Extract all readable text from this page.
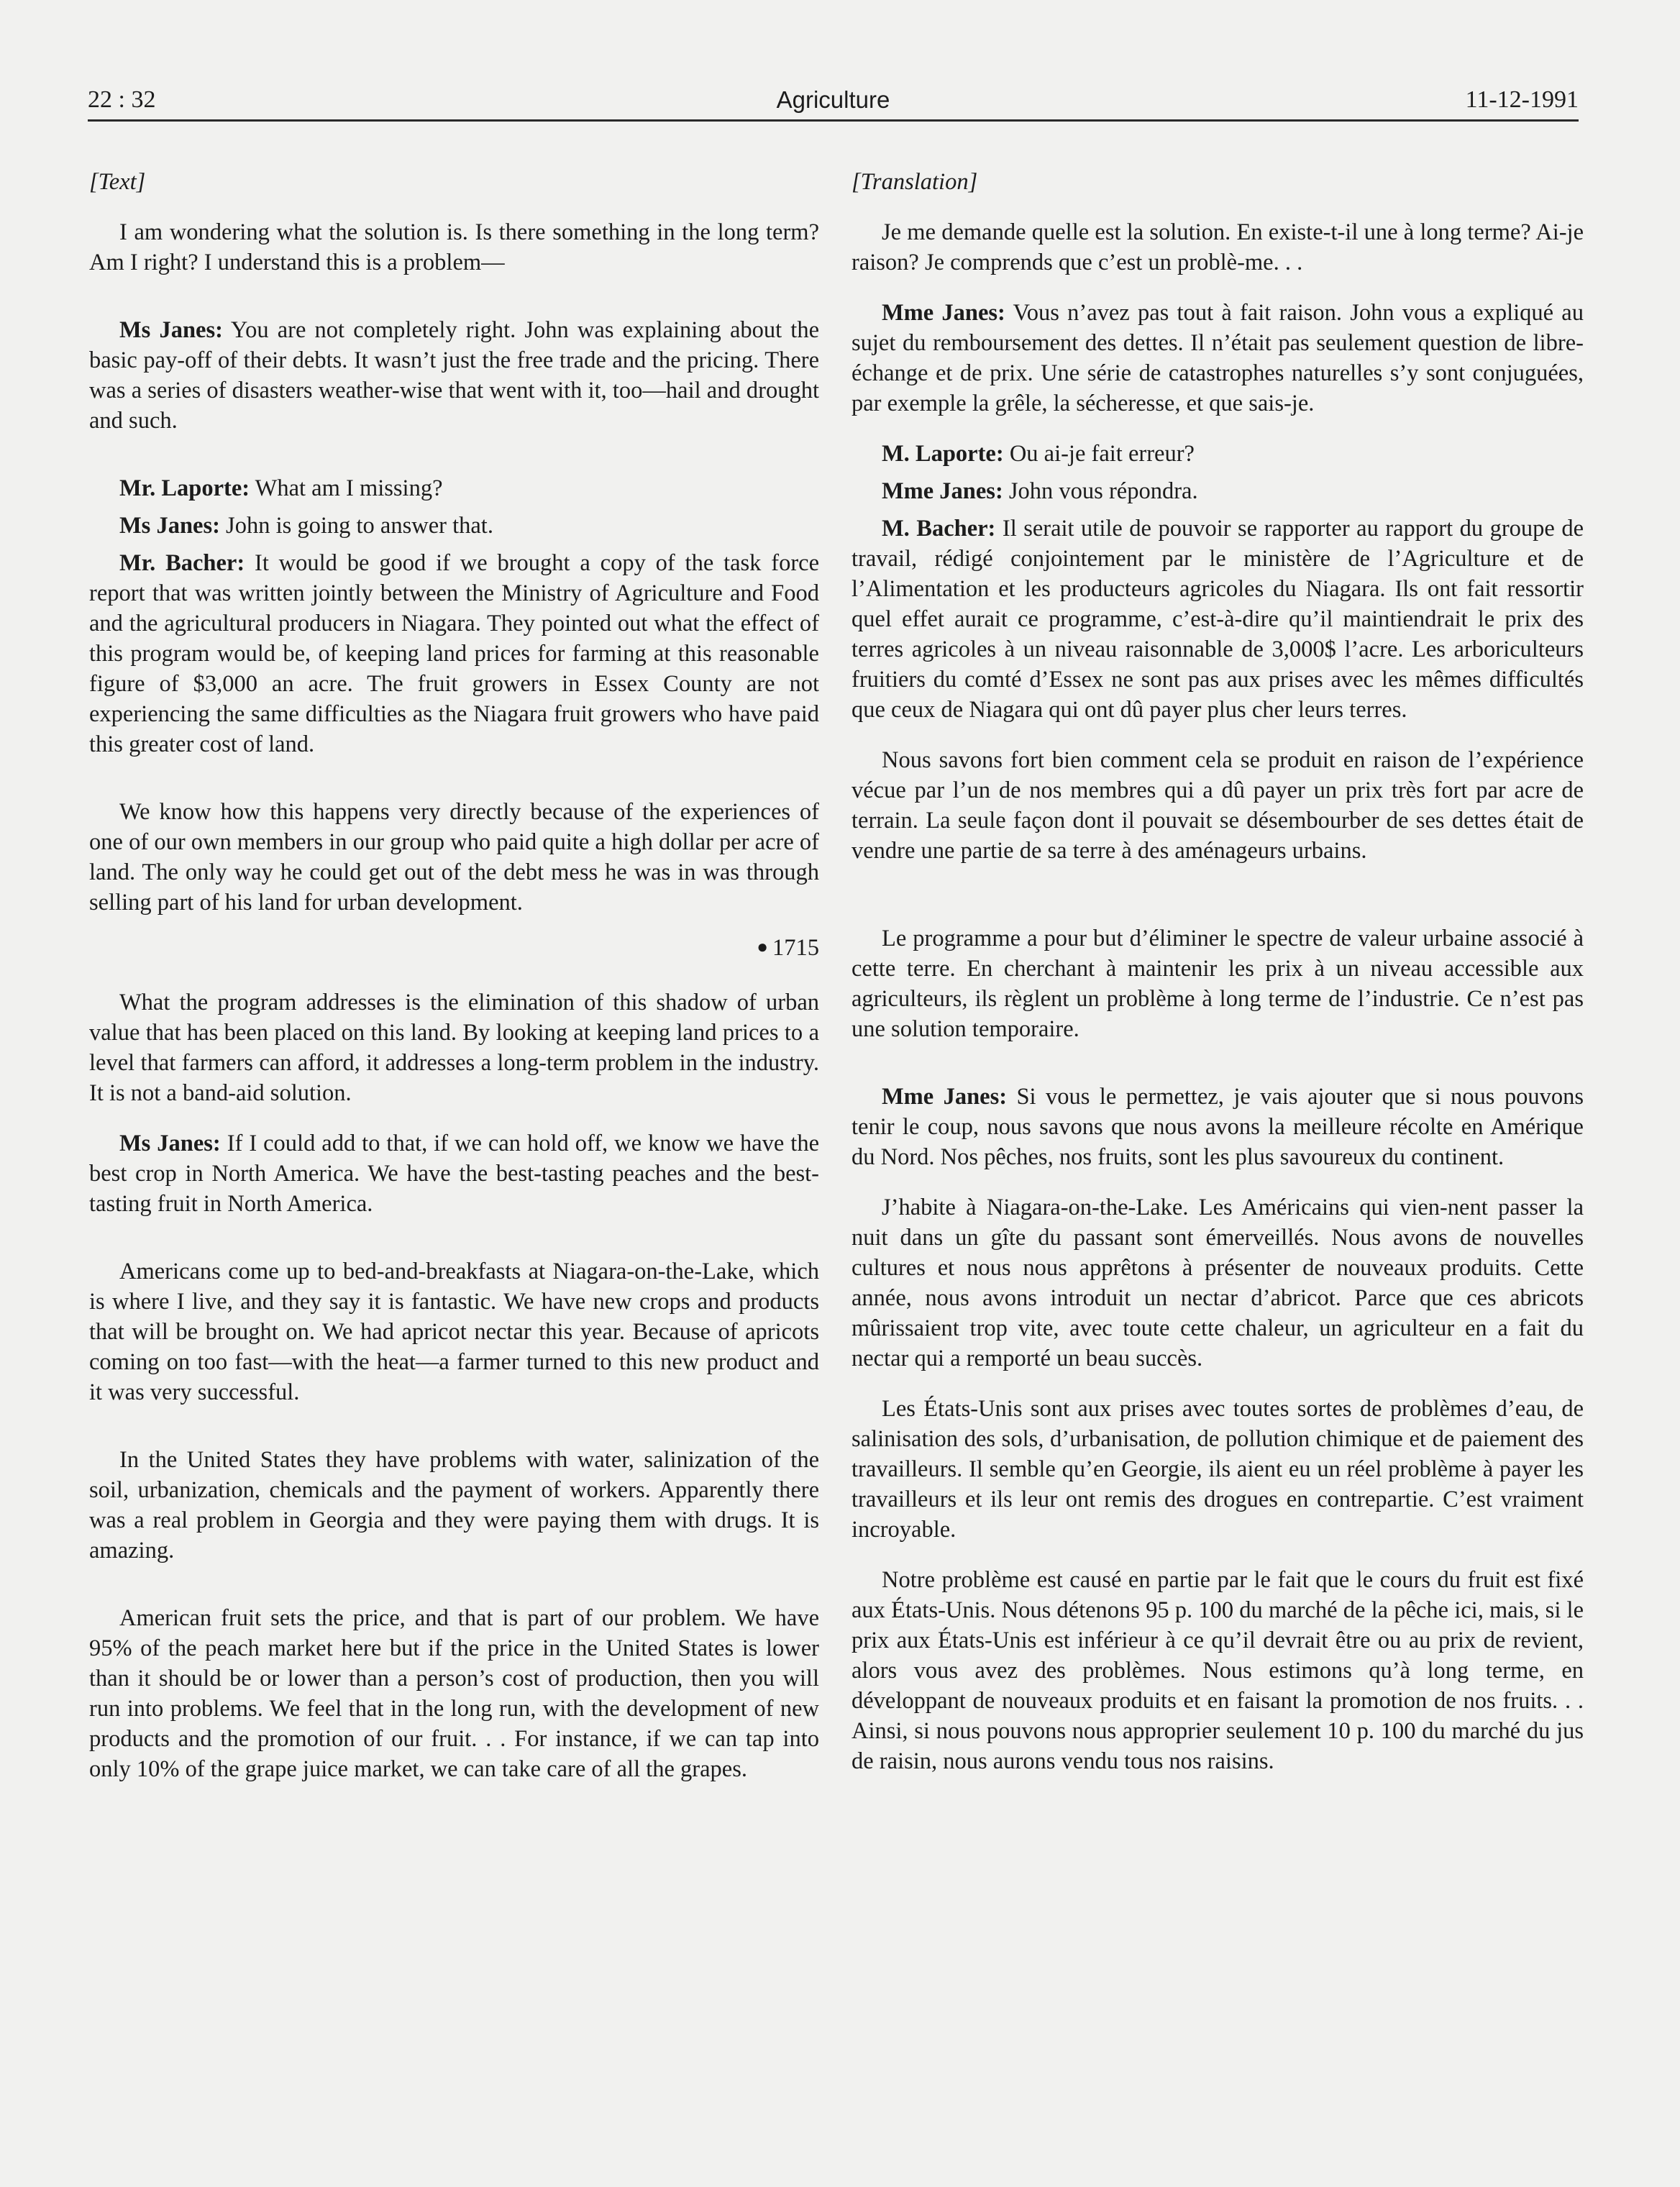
22 : 32	Agriculture	11-12-1991
[Text]

I am wondering what the solution is. Is there something in the long term? Am I right? I understand this is a problem—

Ms Janes: You are not completely right. John was explaining about the basic pay-off of their debts. It wasn’t just the free trade and the pricing. There was a series of disasters weather-wise that went with it, too—hail and drought and such.

Mr. Laporte: What am I missing?

Ms Janes: John is going to answer that.

Mr. Bacher: It would be good if we brought a copy of the task force report that was written jointly between the Ministry of Agriculture and Food and the agricultural producers in Niagara. They pointed out what the effect of this program would be, of keeping land prices for farming at this reasonable figure of $3,000 an acre. The fruit growers in Essex County are not experiencing the same difficulties as the Niagara fruit growers who have paid this greater cost of land.

We know how this happens very directly because of the experiences of one of our own members in our group who paid quite a high dollar per acre of land. The only way he could get out of the debt mess he was in was through selling part of his land for urban development.

● 1715

What the program addresses is the elimination of this shadow of urban value that has been placed on this land. By looking at keeping land prices to a level that farmers can afford, it addresses a long-term problem in the industry. It is not a band-aid solution.

Ms Janes: If I could add to that, if we can hold off, we know we have the best crop in North America. We have the best-tasting peaches and the best-tasting fruit in North America.

Americans come up to bed-and-breakfasts at Niagara-on-the-Lake, which is where I live, and they say it is fantastic. We have new crops and products that will be brought on. We had apricot nectar this year. Because of apricots coming on too fast—with the heat—a farmer turned to this new product and it was very successful.

In the United States they have problems with water, salinization of the soil, urbanization, chemicals and the payment of workers. Apparently there was a real problem in Georgia and they were paying them with drugs. It is amazing.

American fruit sets the price, and that is part of our problem. We have 95% of the peach market here but if the price in the United States is lower than it should be or lower than a person’s cost of production, then you will run into problems. We feel that in the long run, with the development of new products and the promotion of our fruit. . . For instance, if we can tap into only 10% of the grape juice market, we can take care of all the grapes.

[Translation]

Je me demande quelle est la solution. En existe-t-il une à long terme? Ai-je raison? Je comprends que c’est un problè-me. . .

Mme Janes: Vous n’avez pas tout à fait raison. John vous a expliqué au sujet du remboursement des dettes. Il n’était pas seulement question de libre-échange et de prix. Une série de catastrophes naturelles s’y sont conjuguées, par exemple la grêle, la sécheresse, et que sais-je.

M. Laporte: Ou ai-je fait erreur?

Mme Janes: John vous répondra.

M. Bacher: Il serait utile de pouvoir se rapporter au rapport du groupe de travail, rédigé conjointement par le ministère de l’Agriculture et de l’Alimentation et les producteurs agricoles du Niagara. Ils ont fait ressortir quel effet aurait ce programme, c’est-à-dire qu’il maintiendrait le prix des terres agricoles à un niveau raisonnable de 3,000$ l’acre. Les arboriculteurs fruitiers du comté d’Essex ne sont pas aux prises avec les mêmes difficultés que ceux de Niagara qui ont dû payer plus cher leurs terres.

Nous savons fort bien comment cela se produit en raison de l’expérience vécue par l’un de nos membres qui a dû payer un prix très fort par acre de terrain. La seule façon dont il pouvait se désembourber de ses dettes était de vendre une partie de sa terre à des aménageurs urbains.

Le programme a pour but d’éliminer le spectre de valeur urbaine associé à cette terre. En cherchant à maintenir les prix à un niveau accessible aux agriculteurs, ils règlent un problème à long terme de l’industrie. Ce n’est pas une solution temporaire.

Mme Janes: Si vous le permettez, je vais ajouter que si nous pouvons tenir le coup, nous savons que nous avons la meilleure récolte en Amérique du Nord. Nos pêches, nos fruits, sont les plus savoureux du continent.

J’habite à Niagara-on-the-Lake. Les Américains qui vien-nent passer la nuit dans un gîte du passant sont émerveillés. Nous avons de nouvelles cultures et nous nous apprêtons à présenter de nouveaux produits. Cette année, nous avons introduit un nectar d’abricot. Parce que ces abricots mûrissaient trop vite, avec toute cette chaleur, un agriculteur en a fait du nectar qui a remporté un beau succès.

Les États-Unis sont aux prises avec toutes sortes de problèmes d’eau, de salinisation des sols, d’urbanisation, de pollution chimique et de paiement des travailleurs. Il semble qu’en Georgie, ils aient eu un réel problème à payer les travailleurs et ils leur ont remis des drogues en contrepartie. C’est vraiment incroyable.

Notre problème est causé en partie par le fait que le cours du fruit est fixé aux États-Unis. Nous détenons 95 p. 100 du marché de la pêche ici, mais, si le prix aux États-Unis est inférieur à ce qu’il devrait être ou au prix de revient, alors vous avez des problèmes. Nous estimons qu’à long terme, en développant de nouveaux produits et en faisant la promotion de nos fruits. . . Ainsi, si nous pouvons nous approprier seulement 10 p. 100 du marché du jus de raisin, nous aurons vendu tous nos raisins.
